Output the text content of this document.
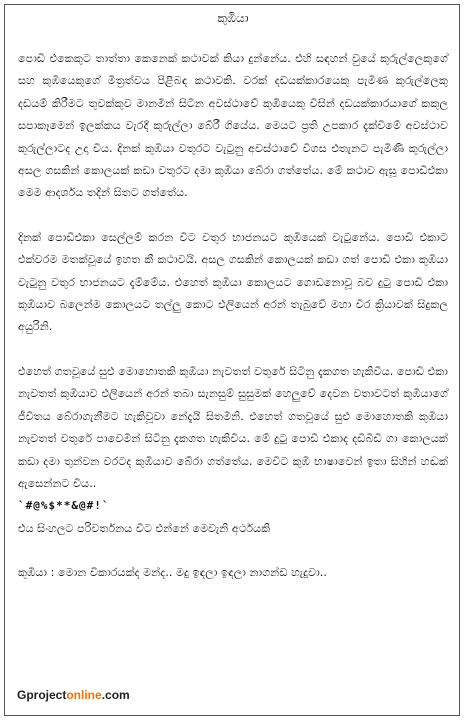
කුඹියා

පොඩි එකෙකුට තාත්තා කෙනෙක් කථාවක් කියා දුන්නේය. එහි සඳහන් වුයේ කුරුල්ලෙකුගේ සහ කුඹියෙකුගේ මිත්‍රත්වය පිළිබඳ කථාවකි. වරක් දඩයක්කාරයෙකු පැමිණ කුරුල්ලෙකු දඩයම් කිරීමට තුවක්කුව මානමින් සිටින අවස්ථාවේ කුඹියෙකු විසින් දඩයක්කාරයාගේ කකුල සපාකෑමෙන් ඉලක්කය වැරදී කුරුල්ලා බේරී ගියේය. මෙයට ප්‍රති උපකාර දැක්වීමේ අවස්ථාව කුරුල්ලාටද උදා විය. දිනක් කුඹියා වතුරට වැටුනු අවස්ථාවේ විගස එතැනට පැමිණි කුරුල්ලා අසල ගසකින් කොලයක් කඩා වතුරට දමා කුඹියා බේරා ගත්තේය. මේ කථාව ඇසූ පොඩිඑකා මෙම ආදර්ශය තදින් සිතට ගත්තේය.

දිනක් පොඩිඑකා සෙල්ලම් කරන විට වතුර භාජනයට කුඹියෙක් වැටුනේය. පොඩි එකාට එක්වරම මතක්වූයේ ඉහත කී කථාවයි. අසල ගසකින් කොලයක් කඩා ගත් පොඩි එකා කුඹියා වැටුනු වතුර භාජනයට දැම්මේය. එහෙත් කුඹියා කොලයට ගොඩනොවූ බව දුටු පොඩි එකා කුඹියාව බලෙන්ම කොලයට තල්ලු කොට එලියෙන් අරන් තැබුවේ මහා වීර ක්‍රියාවක් සිදුකල අයුරිනි.

එහෙත් ගතවූයේ සුළු මොහොතකි කුඹියා නැවතත් වතුරේ සිටිනු දැකගත හැකිවිය. පොඩි එකා නැවතත් කුඹියාව එලියෙන් අරන් තබා සැනසුම් සුසුමක් හෙලුවේ දෙවන වතාවටත් කුඹියාගේ ජීවිතය බේරාගැනීමට හැකිවූවා නේදැයි සිතමිනි. එහෙත් ගතවූයේ සුළු මොහොතකි කුඹියා නැවතත් වතුරේ පාවෙමින් සිටිනු දැකගත හැකිවිය. මේ දුටු පොඩි එකාද දඩිබිඩි ගා කොලයක් කඩා දමා තුන්වන වරටද කුඹියාව බේරා ගත්තේය. මෙවිට කුඹි භාෂාවෙන් ඉතා සිහින් හඬක් ඇසෙන්නට විය..

`#@%$**&@#!`

එය සිංහලට පරිවර්තනය විට එන්නේ මෙවැනි අර්ථයකි

කුඹියා : මොන විකාරයක්ද මන්ද.. මදු ඉඳලා ඉඳලා නාගන්ඩ හැදුවා..

Gprojectonline.com
